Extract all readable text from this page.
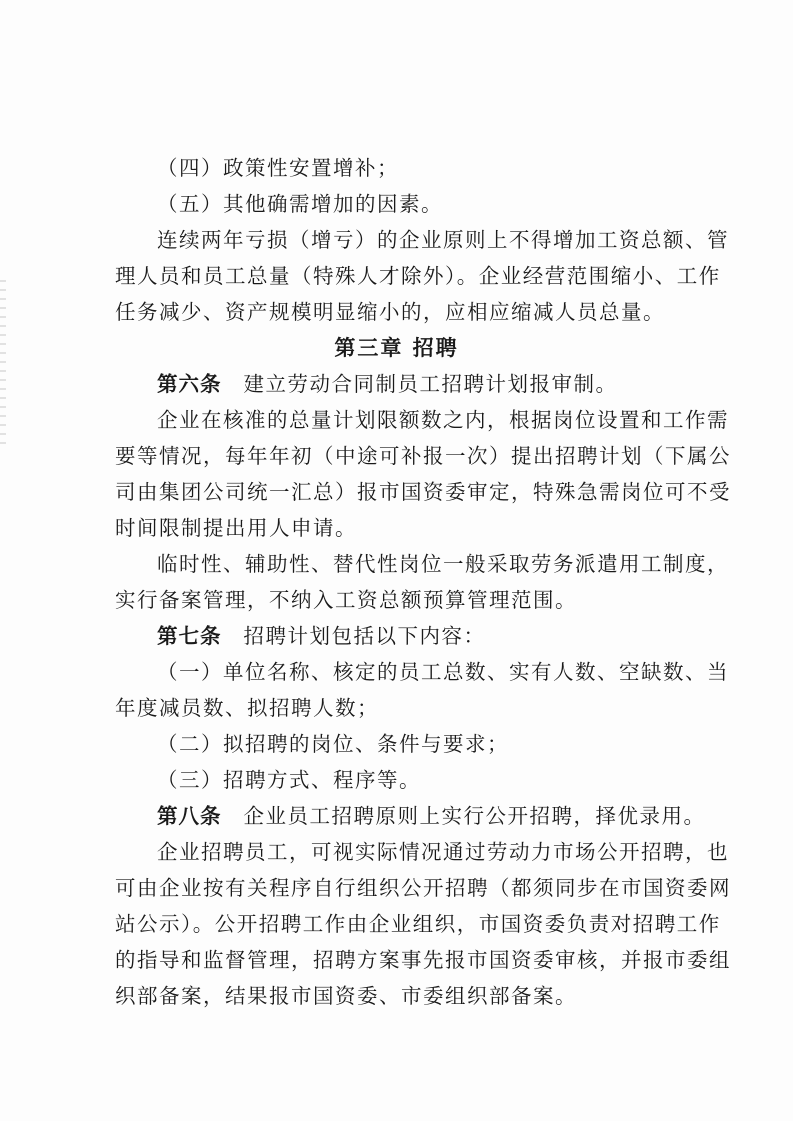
（四）政策性安置增补；
（五）其他确需增加的因素。
连续两年亏损（增亏）的企业原则上不得增加工资总额、管
理人员和员工总量（特殊人才除外）。企业经营范围缩小、工作
任务减少、资产规模明显缩小的，应相应缩减人员总量。
第三章 招聘
第六条 建立劳动合同制员工招聘计划报审制。
企业在核准的总量计划限额数之内，根据岗位设置和工作需
要等情况，每年年初（中途可补报一次）提出招聘计划（下属公
司由集团公司统一汇总）报市国资委审定，特殊急需岗位可不受
时间限制提出用人申请。
临时性、辅助性、替代性岗位一般采取劳务派遣用工制度，
实行备案管理，不纳入工资总额预算管理范围。
第七条 招聘计划包括以下内容：
（一）单位名称、核定的员工总数、实有人数、空缺数、当
年度减员数、拟招聘人数；
（二）拟招聘的岗位、条件与要求；
（三）招聘方式、程序等。
第八条 企业员工招聘原则上实行公开招聘，择优录用。
企业招聘员工，可视实际情况通过劳动力市场公开招聘，也
可由企业按有关程序自行组织公开招聘（都须同步在市国资委网
站公示）。公开招聘工作由企业组织，市国资委负责对招聘工作
的指导和监督管理，招聘方案事先报市国资委审核，并报市委组
织部备案，结果报市国资委、市委组织部备案。
